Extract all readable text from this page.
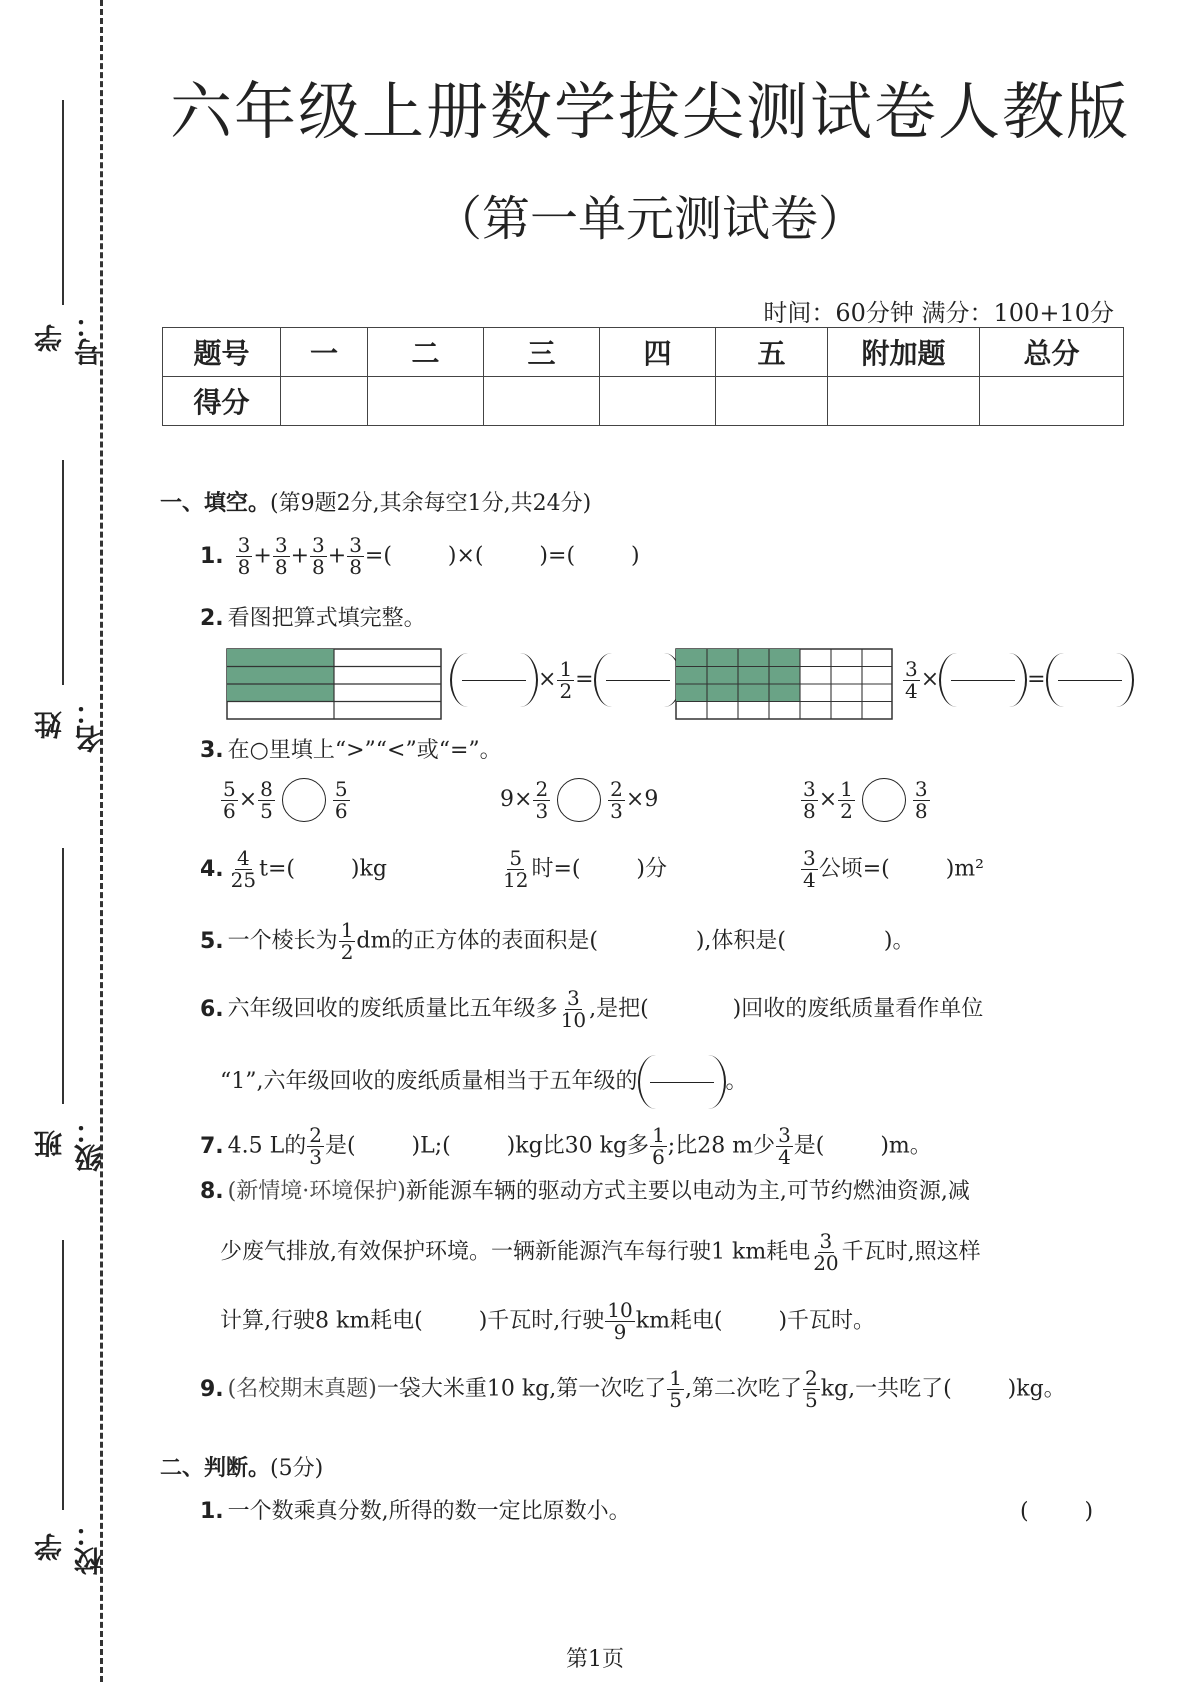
学号：
姓名：
班级：
学校：
六年级上册数学拔尖测试卷人教版
（第一单元测试卷）
时间：60分钟 满分：100+10分
题号	一	二	三	四	五	附加题	总分
得分							
一、填空。(第9题2分,其余每空1分,共24分)
1. $\frac{3}{8} + \frac{3}{8} + \frac{3}{8} + \frac{3}{8}$ =(        )×(        )=(        )
2. 看图把算式填完整。
× $\frac{1}{2}$ =	$\frac{3}{4}$ ×	=
3. 在○里填上“>”“<”或“=”。
$\frac{5}{6} \times \frac{8}{5}$	$\frac{5}{6}$	$9\times \frac{2}{3}$	$\frac{2}{3} \times 9$	$\frac{3}{8} \times \frac{1}{2}$	$\frac{3}{8}$
4. $\frac{4}{25} t=$(        )kg	$\frac{5}{12}$ 时=(        )分	$\frac{3}{4}$ 公顷=(        )m²
5. 一个棱长为 $\frac{1}{2}$ dm的正方体的表面积是(              ),体积是(              )。
6. 六年级回收的废纸质量比五年级多 $\frac{3}{10}$ ,是把(            )回收的废纸质量看作单位
“1”,六年级回收的废纸质量相当于五年级的	。
7. 4.5 L的 $\frac{2}{3}$ 是(        )L;(        )kg比30 kg多 $\frac{1}{6}$ ;比28 m少 $\frac{3}{4}$ 是(        )m。
8. (新情境·环境保护)新能源车辆的驱动方式主要以电动为主,可节约燃油资源,减
少废气排放,有效保护环境。一辆新能源汽车每行驶1 km耗电 $\frac{3}{20}$ 千瓦时,照这样
计算,行驶8 km耗电(        )千瓦时,行驶 $\frac{10}{9}$ km耗电(        )千瓦时。
9. (名校期末真题)一袋大米重10 kg,第一次吃了 $\frac{1}{5}$ ,第二次吃了 $\frac{2}{5}$ kg,一共吃了(        )kg。
二、判断。(5分)
1. 一个数乘真分数,所得的数一定比原数小。	(        )
第1页
